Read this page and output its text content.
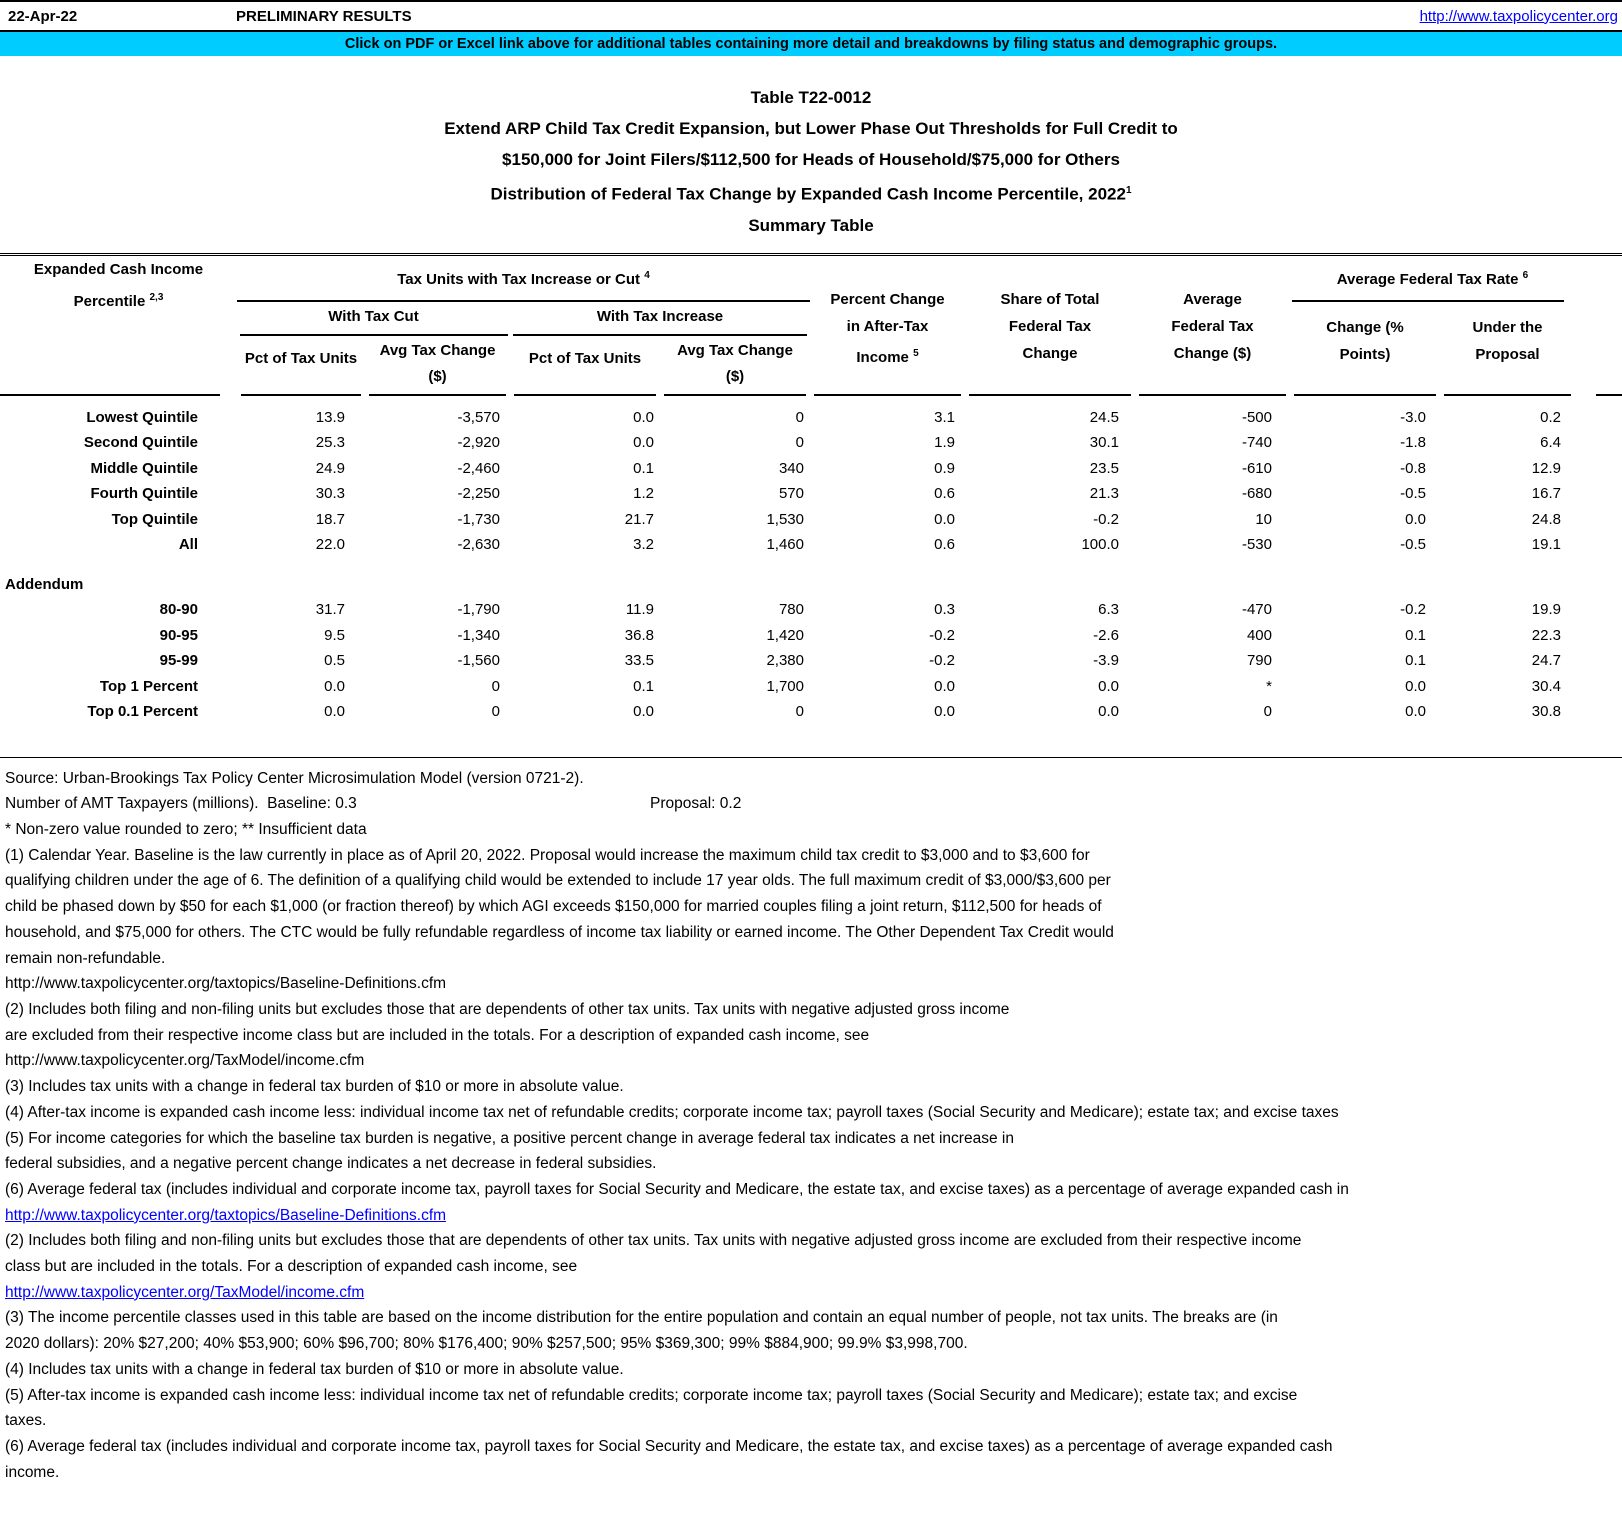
22-Apr-22	PRELIMINARY RESULTS	http://www.taxpolicycenter.org
Click on PDF or Excel link above for additional tables containing more detail and breakdowns by filing status and demographic groups.
Table T22-0012
Extend ARP Child Tax Credit Expansion, but Lower Phase Out Thresholds for Full Credit to
$150,000 for Joint Filers/$112,500 for Heads of Household/$75,000 for Others
Distribution of Federal Tax Change by Expanded Cash Income Percentile, 2022$^1$
Summary Table
Expanded Cash Income
Percentile $^{2,3}$
Tax Units with Tax Increase or Cut $^4$
With Tax Cut	With Tax Increase
Pct of Tax Units	Avg Tax Change
($)
Pct of Tax Units	Avg Tax Change
($)
Percent Change
in After-Tax
Income $^5$
Share of Total
Federal Tax
Change
Average
Federal Tax
Change ($)
Average Federal Tax Rate $^6$
Change (%
Points)
Under the
Proposal
Lowest Quintile	13.9	-3,570	0.0	0	3.1	24.5	-500	-3.0	0.2
Second Quintile	25.3	-2,920	0.0	0	1.9	30.1	-740	-1.8	6.4
Middle Quintile	24.9	-2,460	0.1	340	0.9	23.5	-610	-0.8	12.9
Fourth Quintile	30.3	-2,250	1.2	570	0.6	21.3	-680	-0.5	16.7
Top Quintile	18.7	-1,730	21.7	1,530	0.0	-0.2	10	0.0	24.8
All	22.0	-2,630	3.2	1,460	0.6	100.0	-530	-0.5	19.1
Addendum
80-90	31.7	-1,790	11.9	780	0.3	6.3	-470	-0.2	19.9
90-95	9.5	-1,340	36.8	1,420	-0.2	-2.6	400	0.1	22.3
95-99	0.5	-1,560	33.5	2,380	-0.2	-3.9	790	0.1	24.7
Top 1 Percent	0.0	0	0.1	1,700	0.0	0.0	*	0.0	30.4
Top 0.1 Percent	0.0	0	0.0	0	0.0	0.0	0	0.0	30.8
Source: Urban-Brookings Tax Policy Center Microsimulation Model (version 0721-2).
Number of AMT Taxpayers (millions).  Baseline: 0.3	Proposal: 0.2
* Non-zero value rounded to zero; ** Insufficient data
(1) Calendar Year. Baseline is the law currently in place as of April 20, 2022. Proposal would increase the maximum child tax credit to $3,000 and to $3,600 for
qualifying children under the age of 6. The definition of a qualifying child would be extended to include 17 year olds. The full maximum credit of $3,000/$3,600 per
child be phased down by $50 for each $1,000 (or fraction thereof) by which AGI exceeds $150,000 for married couples filing a joint return, $112,500 for heads of
household, and $75,000 for others. The CTC would be fully refundable regardless of income tax liability or earned income. The Other Dependent Tax Credit would
remain non-refundable.
http://www.taxpolicycenter.org/taxtopics/Baseline-Definitions.cfm
(2) Includes both filing and non-filing units but excludes those that are dependents of other tax units. Tax units with negative adjusted gross income
are excluded from their respective income class but are included in the totals. For a description of expanded cash income, see
http://www.taxpolicycenter.org/TaxModel/income.cfm
(3) Includes tax units with a change in federal tax burden of $10 or more in absolute value.
(4) After-tax income is expanded cash income less: individual income tax net of refundable credits; corporate income tax; payroll taxes (Social Security and Medicare); estate tax; and excise taxes
(5) For income categories for which the baseline tax burden is negative, a positive percent change in average federal tax indicates a net increase in
federal subsidies, and a negative percent change indicates a net decrease in federal subsidies.
(6) Average federal tax (includes individual and corporate income tax, payroll taxes for Social Security and Medicare, the estate tax, and excise taxes) as a percentage of average expanded cash in
http://www.taxpolicycenter.org/taxtopics/Baseline-Definitions.cfm
(2) Includes both filing and non-filing units but excludes those that are dependents of other tax units. Tax units with negative adjusted gross income are excluded from their respective income
class but are included in the totals. For a description of expanded cash income, see
http://www.taxpolicycenter.org/TaxModel/income.cfm
(3) The income percentile classes used in this table are based on the income distribution for the entire population and contain an equal number of people, not tax units. The breaks are (in
2020 dollars): 20% $27,200; 40% $53,900; 60% $96,700; 80% $176,400; 90% $257,500; 95% $369,300; 99% $884,900; 99.9% $3,998,700.
(4) Includes tax units with a change in federal tax burden of $10 or more in absolute value.
(5) After-tax income is expanded cash income less: individual income tax net of refundable credits; corporate income tax; payroll taxes (Social Security and Medicare); estate tax; and excise
taxes.
(6) Average federal tax (includes individual and corporate income tax, payroll taxes for Social Security and Medicare, the estate tax, and excise taxes) as a percentage of average expanded cash
income.
